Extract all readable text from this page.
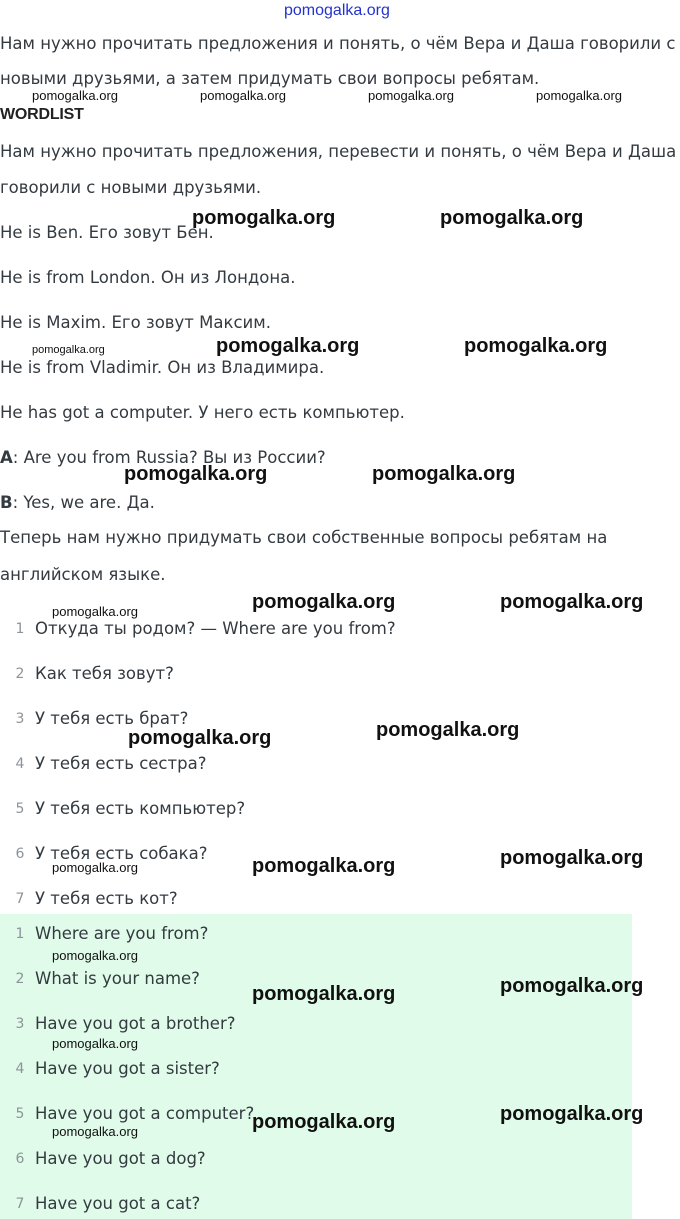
pomogalka.org
Нам нужно прочитать предложения и понять, о чём Вера и Даша говорили с
новыми друзьями, а затем придумать свои вопросы ребятам.
pomogalka.org	pomogalka.org	pomogalka.org	pomogalka.org
WORDLIST
Нам нужно прочитать предложения, перевести и понять, о чём Вера и Даша
говорили с новыми друзьями.
He is Ben. Его зовут Бен.
pomogalka.org	pomogalka.org
He is from London. Он из Лондона.
He is Maxim. Его зовут Максим.
pomogalka.org	pomogalka.org	pomogalka.org
He is from Vladimir. Он из Владимира.
He has got a computer. У него есть компьютер.
A: Are you from Russia? Вы из России?
pomogalka.org	pomogalka.org
B: Yes, we are. Да.
Теперь нам нужно придумать свои собственные вопросы ребятам на
английском языке.
pomogalka.org	pomogalka.org	pomogalka.org
1 Откуда ты родом? — Where are you from?
2 Как тебя зовут?
3 У тебя есть брат?
pomogalka.org	pomogalka.org
4 У тебя есть сестра?
5 У тебя есть компьютер?
6 У тебя есть собака?
pomogalka.org	pomogalka.org	pomogalka.org
7 У тебя есть кот?
1 Where are you from?
pomogalka.org
2 What is your name?
pomogalka.org	pomogalka.org
3 Have you got a brother?
pomogalka.org
4 Have you got a sister?
5 Have you got a computer?
pomogalka.org	pomogalka.org	pomogalka.org
6 Have you got a dog?
7 Have you got a cat?
